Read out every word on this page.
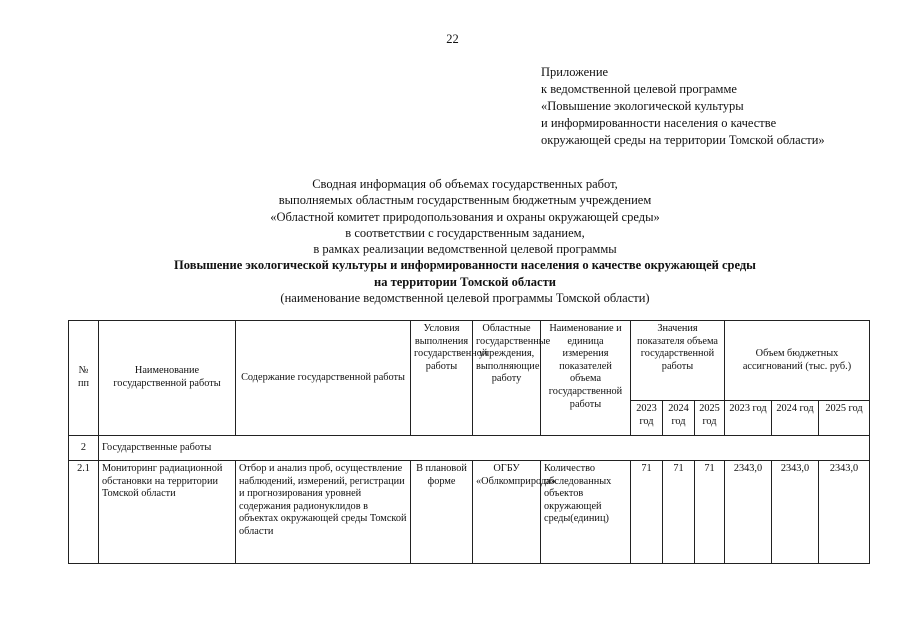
22
Приложение
к ведомственной целевой программе
«Повышение экологической культуры
и информированности населения о качестве
окружающей среды на территории Томской области»
Сводная информация об объемах государственных работ,
выполняемых областным государственным бюджетным учреждением
«Областной комитет природопользования и охраны окружающей среды»
в соответствии с государственным заданием,
в рамках реализации ведомственной целевой программы
Повышение экологической культуры и информированности населения о качестве окружающей среды
на территории Томской области
(наименование ведомственной целевой программы Томской области)
№ пп	Наименование государственной работы	Содержание государственной работы	Условия выполнения государственной работы	Областные государственные учреждения, выполняющие работу	Наименование и единица измерения показателей объема государственной работы	Значения показателя объема государственной работы			Объем бюджетных ассигнований (тыс. руб.)		
						2023 год	2024 год	2025 год	2023 год	2024 год	2025 год
2	Государственные работы										
2.1	Мониторинг радиационной обстановки на территории Томской области	Отбор и анализ проб, осуществление наблюдений, измерений, регистрации и прогнозирования уровней содержания радионуклидов в объектах окружающей среды Томской области	В плановой форме	ОГБУ «Облкомприрода»	Количество обследованных объектов окружающей среды(единиц)	71	71	71	2343,0	2343,0	2343,0
